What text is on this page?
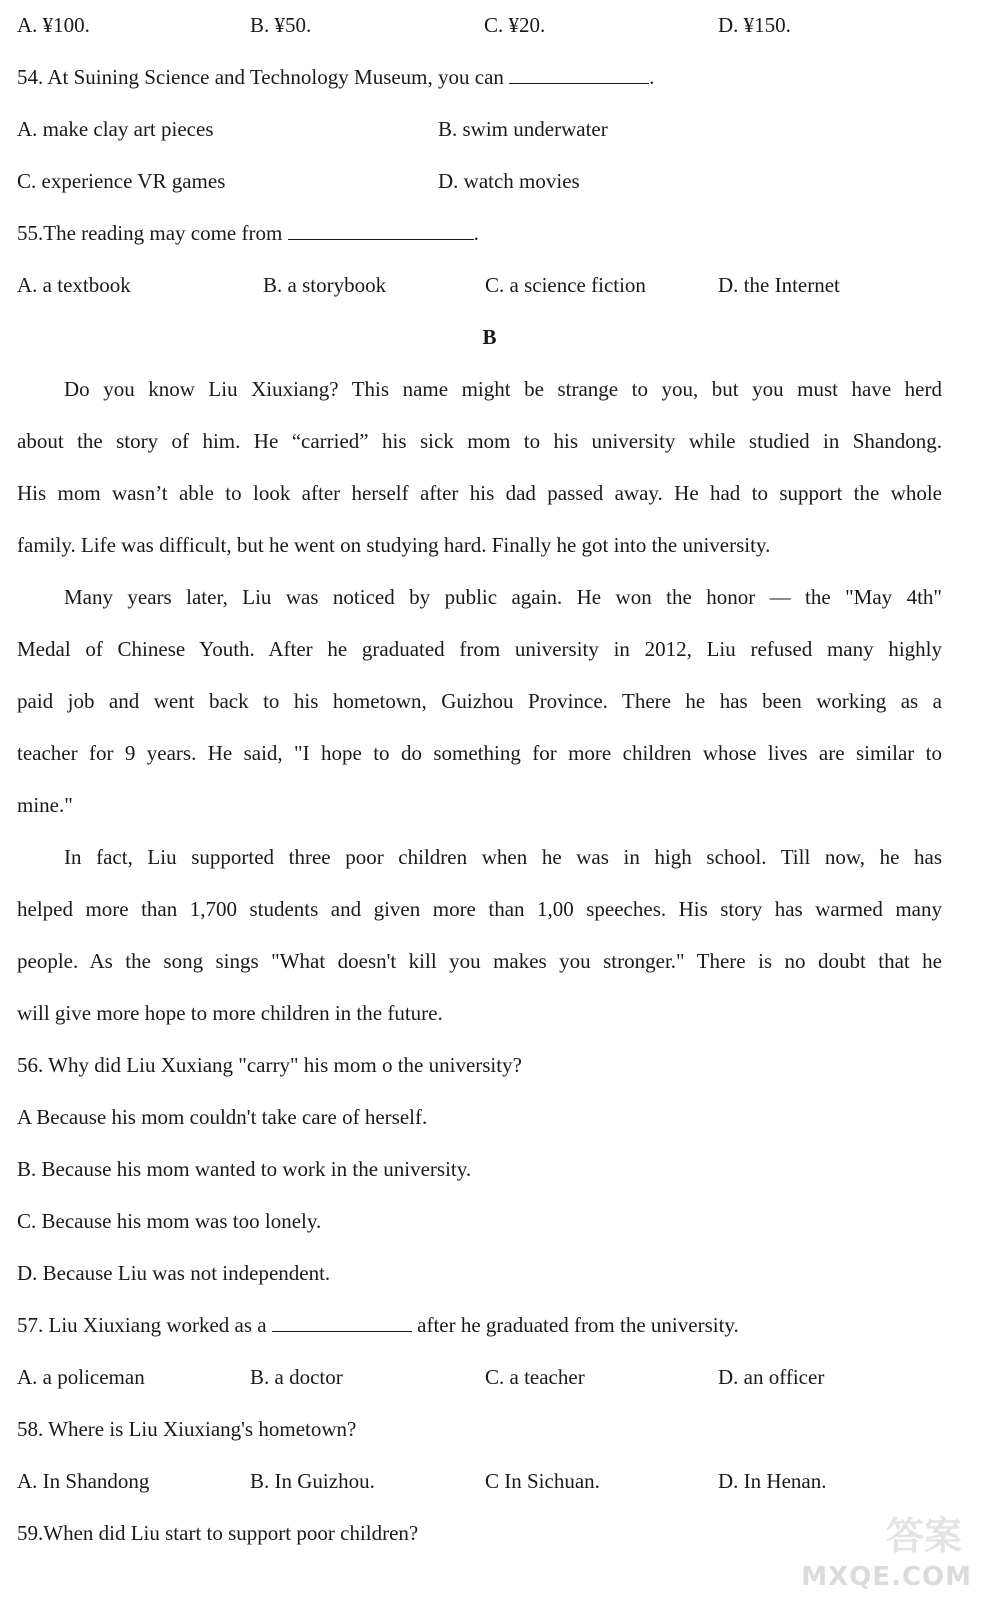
A. ¥100.	B. ¥50.	C. ¥20.	D. ¥150.
54. At Suining Science and Technology Museum, you can	.
A. make clay art pieces	B. swim underwater
C. experience VR games	D. watch movies
55.The reading may come from	.
A. a textbook	B. a storybook	C. a science fiction	D. the Internet
B
Do you know Liu Xiuxiang? This name might be strange to you, but you must have herd
about the story of him. He “carried” his sick mom to his university while studied in Shandong.
His mom wasn’t able to look after herself after his dad passed away. He had to support the whole
family. Life was difficult, but he went on studying hard. Finally he got into the university.
Many years later, Liu was noticed by public again. He won the honor — the "May 4th"
Medal of Chinese Youth. After he graduated from university in 2012, Liu refused many highly
paid job and went back to his hometown, Guizhou Province. There he has been working as a
teacher for 9 years. He said, "I hope to do something for more children whose lives are similar to
mine."
In fact, Liu supported three poor children when he was in high school. Till now, he has
helped more than 1,700 students and given more than 1,00 speeches. His story has warmed many
people. As the song sings "What doesn't kill you makes you stronger." There is no doubt that he
will give more hope to more children in the future.
56. Why did Liu Xuxiang "carry" his mom o the university?
A Because his mom couldn't take care of herself.
B. Because his mom wanted to work in the university.
C. Because his mom was too lonely.
D. Because Liu was not independent.
57. Liu Xiuxiang worked as a	after he graduated from the university.
A. a policeman	B. a doctor	C. a teacher	D. an officer
58. Where is Liu Xiuxiang's hometown?
A. In Shandong	B. In Guizhou.	C In Sichuan.	D. In Henan.
59.When did Liu start to support poor children?	答案
MXQE.COM
